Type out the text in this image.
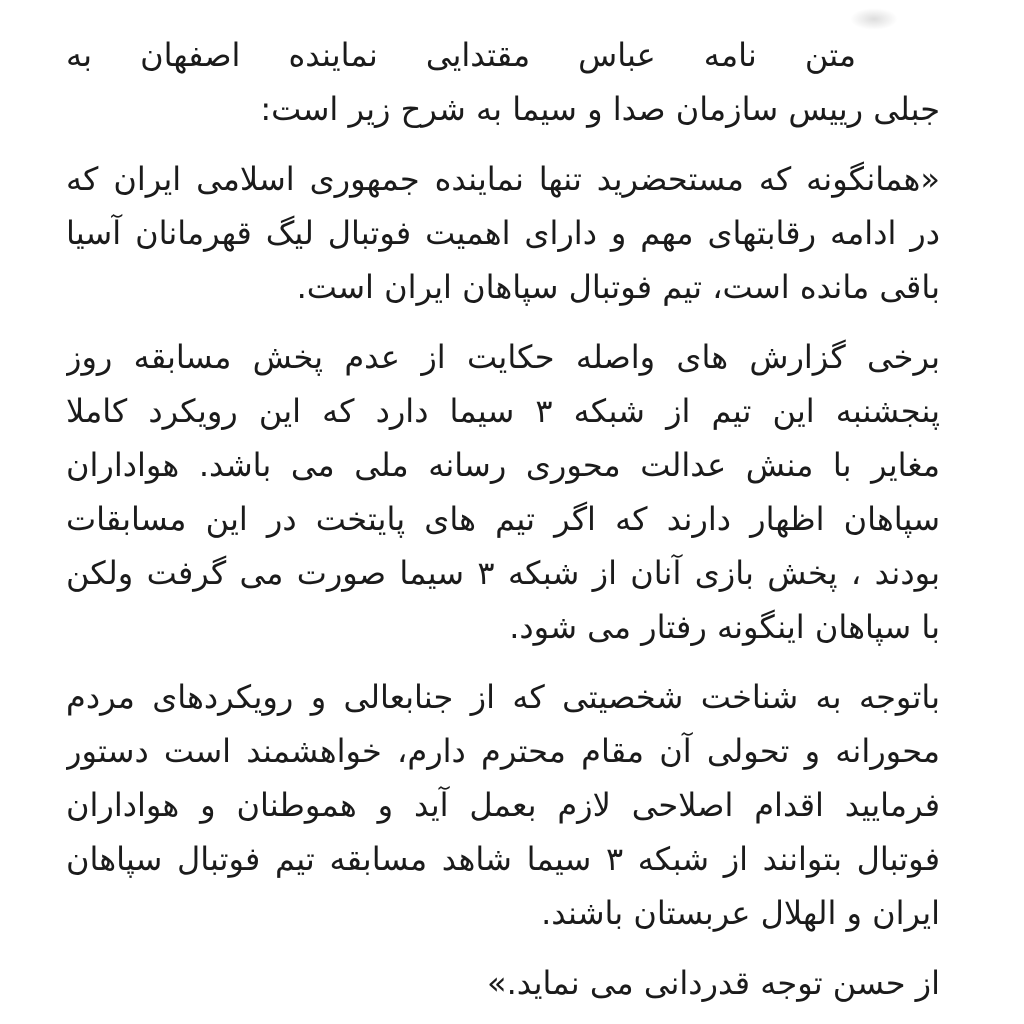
متن نامه عباس مقتدایی نماینده اصفهان به
جبلی رییس سازمان صدا و سیما به شرح زیر است:
«همانگونه که مستحضرید تنها نماینده جمهوری اسلامی ایران که
در ادامه رقابتهای مهم و دارای اهمیت فوتبال لیگ قهرمانان آسیا
باقی مانده است، تیم فوتبال سپاهان ایران است.
برخی گزارش های واصله حکایت از عدم پخش مسابقه روز
پنجشنبه این تیم از شبکه ۳ سیما دارد که این رویکرد کاملا
مغایر با منش عدالت محوری رسانه ملی می باشد. هواداران
سپاهان اظهار دارند که اگر تیم های پایتخت در این مسابقات
بودند ، پخش بازی آنان از شبکه ۳ سیما صورت می گرفت ولکن
با سپاهان اینگونه رفتار می شود.
باتوجه به شناخت شخصیتی که از جنابعالی و رویکردهای مردم
محورانه و تحولی آن مقام محترم دارم، خواهشمند است دستور
فرمایید اقدام اصلاحی لازم بعمل آید و هموطنان و هواداران
فوتبال بتوانند از شبکه ۳ سیما شاهد مسابقه تیم فوتبال سپاهان
ایران و الهلال عربستان باشند.
از حسن توجه قدردانی می نماید.»
